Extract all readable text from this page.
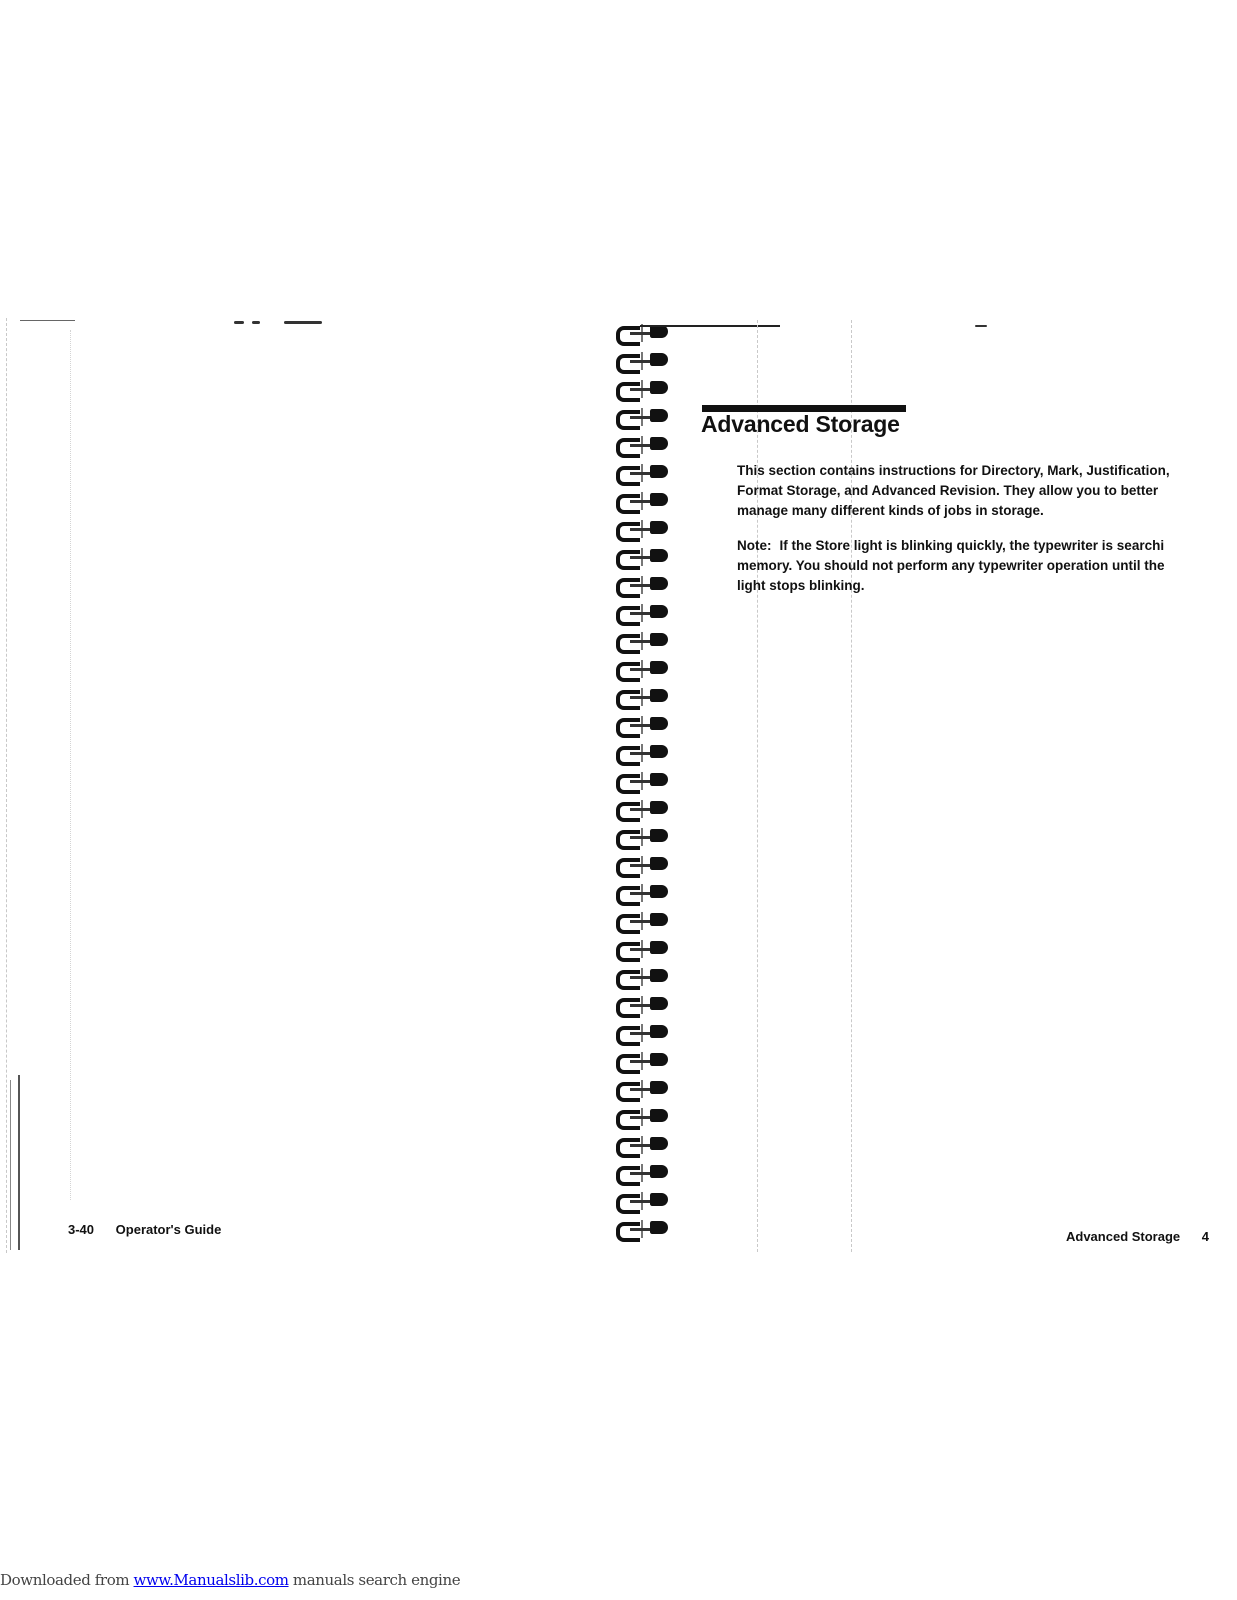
3-40 Operator's Guide
Advanced Storage
This section contains instructions for Directory, Mark, Justification,
Format Storage, and Advanced Revision. They allow you to better
manage many different kinds of jobs in storage.
Note: If the Store light is blinking quickly, the typewriter is searchi
memory. You should not perform any typewriter operation until the
light stops blinking.
Advanced Storage 4
Downloaded from www.Manualslib.com manuals search engine
